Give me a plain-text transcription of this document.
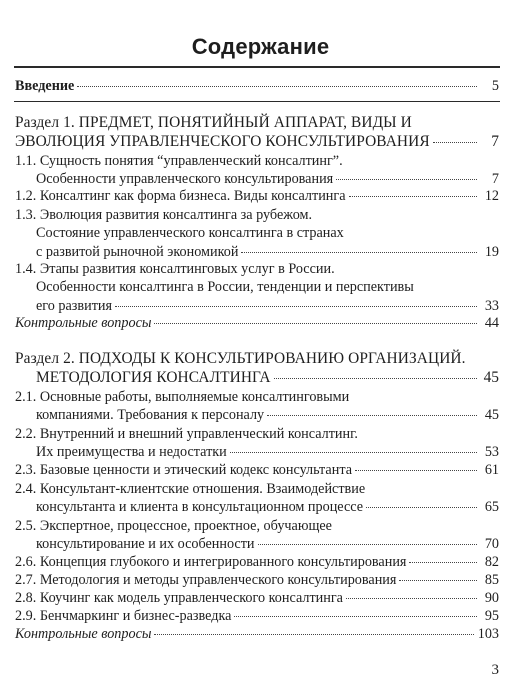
Содержание
Введение	5
Раздел 1. ПРЕДМЕТ, ПОНЯТИЙНЫЙ АППАРАТ, ВИДЫ И
ЭВОЛЮЦИЯ УПРАВЛЕНЧЕСКОГО КОНСУЛЬТИРОВАНИЯ	7
1.1. Сущность понятия “управленческий консалтинг”.
Особенности управленческого консультирования	7
1.2. Консалтинг как форма бизнеса. Виды консалтинга	12
1.3. Эволюция развития консалтинга за рубежом.
Состояние управленческого консалтинга в странах
с развитой рыночной экономикой	19
1.4. Этапы развития консалтинговых услуг в России.
Особенности консалтинга в России, тенденции и перспективы
его развития	33
Контрольные вопросы	44
Раздел 2. ПОДХОДЫ К КОНСУЛЬТИРОВАНИЮ ОРГАНИЗАЦИЙ.
МЕТОДОЛОГИЯ КОНСАЛТИНГА	45
2.1. Основные работы, выполняемые консалтинговыми
компаниями. Требования к персоналу	45
2.2. Внутренний и внешний управленческий консалтинг.
Их преимущества и недостатки	53
2.3. Базовые ценности и этический кодекс консультанта	61
2.4. Консультант-клиентские отношения. Взаимодействие
консультанта и клиента в консультационном процессе	65
2.5. Экспертное, процессное, проектное, обучающее
консультирование и их особенности	70
2.6. Концепция глубокого и интегрированного консультирования	82
2.7. Методология и методы управленческого консультирования	85
2.8. Коучинг как модель управленческого консалтинга	90
2.9. Бенчмаркинг и бизнес-разведка	95
Контрольные вопросы	103
3
